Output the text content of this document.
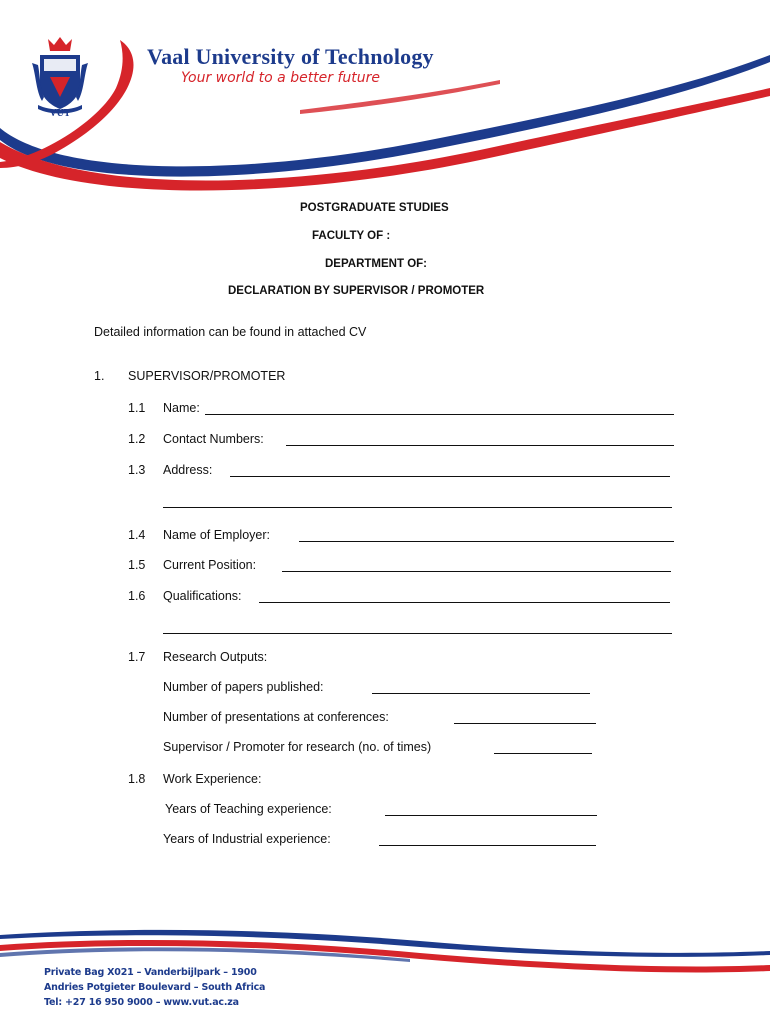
VUT
Vaal University of Technology
Your world to a better future
POSTGRADUATE STUDIES
FACULTY OF :
DEPARTMENT OF:
DECLARATION BY SUPERVISOR / PROMOTER
Detailed information can be found in attached CV
1. SUPERVISOR/PROMOTER
1.1 Name:
1.2 Contact Numbers:
1.3 Address:
1.4 Name of Employer:
1.5 Current Position:
1.6 Qualifications:
1.7 Research Outputs:
Number of papers published:
Number of presentations at conferences:
Supervisor / Promoter for research (no. of times)
1.8 Work Experience:
Years of Teaching experience:
Years of Industrial experience:
Private Bag X021 – Vanderbijlpark – 1900
Andries Potgieter Boulevard – South Africa
Tel: +27 16 950 9000 – www.vut.ac.za
